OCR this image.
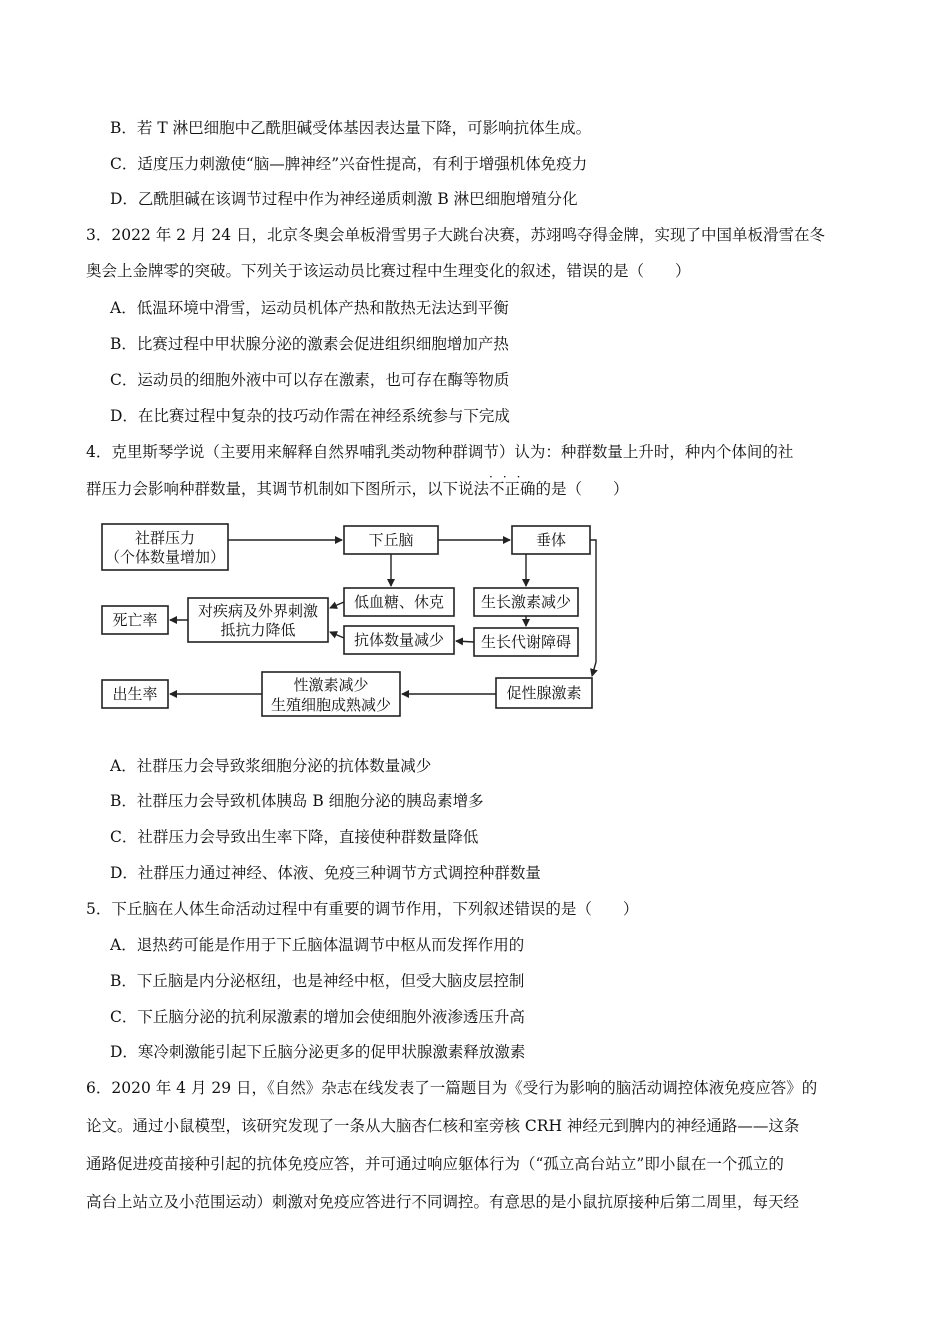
B．若 T 淋巴细胞中乙酰胆碱受体基因表达量下降，可影响抗体生成。
C．适度压力刺激使“脑—脾神经”兴奋性提高，有利于增强机体免疫力
D．乙酰胆碱在该调节过程中作为神经递质刺激 B 淋巴细胞增殖分化
3．2022 年 2 月 24 日，北京冬奥会单板滑雪男子大跳台决赛，苏翊鸣夺得金牌，实现了中国单板滑雪在冬
奥会上金牌零的突破。下列关于该运动员比赛过程中生理变化的叙述，错误的是（　　）
A．低温环境中滑雪，运动员机体产热和散热无法达到平衡
B．比赛过程中甲状腺分泌的激素会促进组织细胞增加产热
C．运动员的细胞外液中可以存在激素，也可存在酶等物质
D．在比赛过程中复杂的技巧动作需在神经系统参与下完成
4．克里斯琴学说（主要用来解释自然界哺乳类动物种群调节）认为：种群数量上升时，种内个体间的社
群压力会影响种群数量，其调节机制如下图所示，以下说法
···
不正确的是（　　）
社群压力
（个体数量增加）
下丘脑	垂体
低血糖、休克 生长激素减少
对疾病及外界刺激
抵抗力降低
死亡率
抗体数量减少 生长代谢障碍
促性腺激素
性激素减少
生殖细胞成熟减少
出生率
A．社群压力会导致浆细胞分泌的抗体数量减少
B．社群压力会导致机体胰岛 B 细胞分泌的胰岛素增多
C．社群压力会导致出生率下降，直接使种群数量降低
D．社群压力通过神经、体液、免疫三种调节方式调控种群数量
5．下丘脑在人体生命活动过程中有重要的调节作用，下列叙述错误的是（　　）
A．退热药可能是作用于下丘脑体温调节中枢从而发挥作用的
B．下丘脑是内分泌枢纽，也是神经中枢，但受大脑皮层控制
C．下丘脑分泌的抗利尿激素的增加会使细胞外液渗透压升高
D．寒冷刺激能引起下丘脑分泌更多的促甲状腺激素释放激素
6．2020 年 4 月 29 日，《自然》杂志在线发表了一篇题目为《受行为影响的脑活动调控体液免疫应答》的
论文。通过小鼠模型，该研究发现了一条从大脑杏仁核和室旁核 CRH 神经元到脾内的神经通路——这条
通路促进疫苗接种引起的抗体免疫应答，并可通过响应躯体行为（“孤立高台站立”即小鼠在一个孤立的
高台上站立及小范围运动）刺激对免疫应答进行不同调控。有意思的是小鼠抗原接种后第二周里，每天经
